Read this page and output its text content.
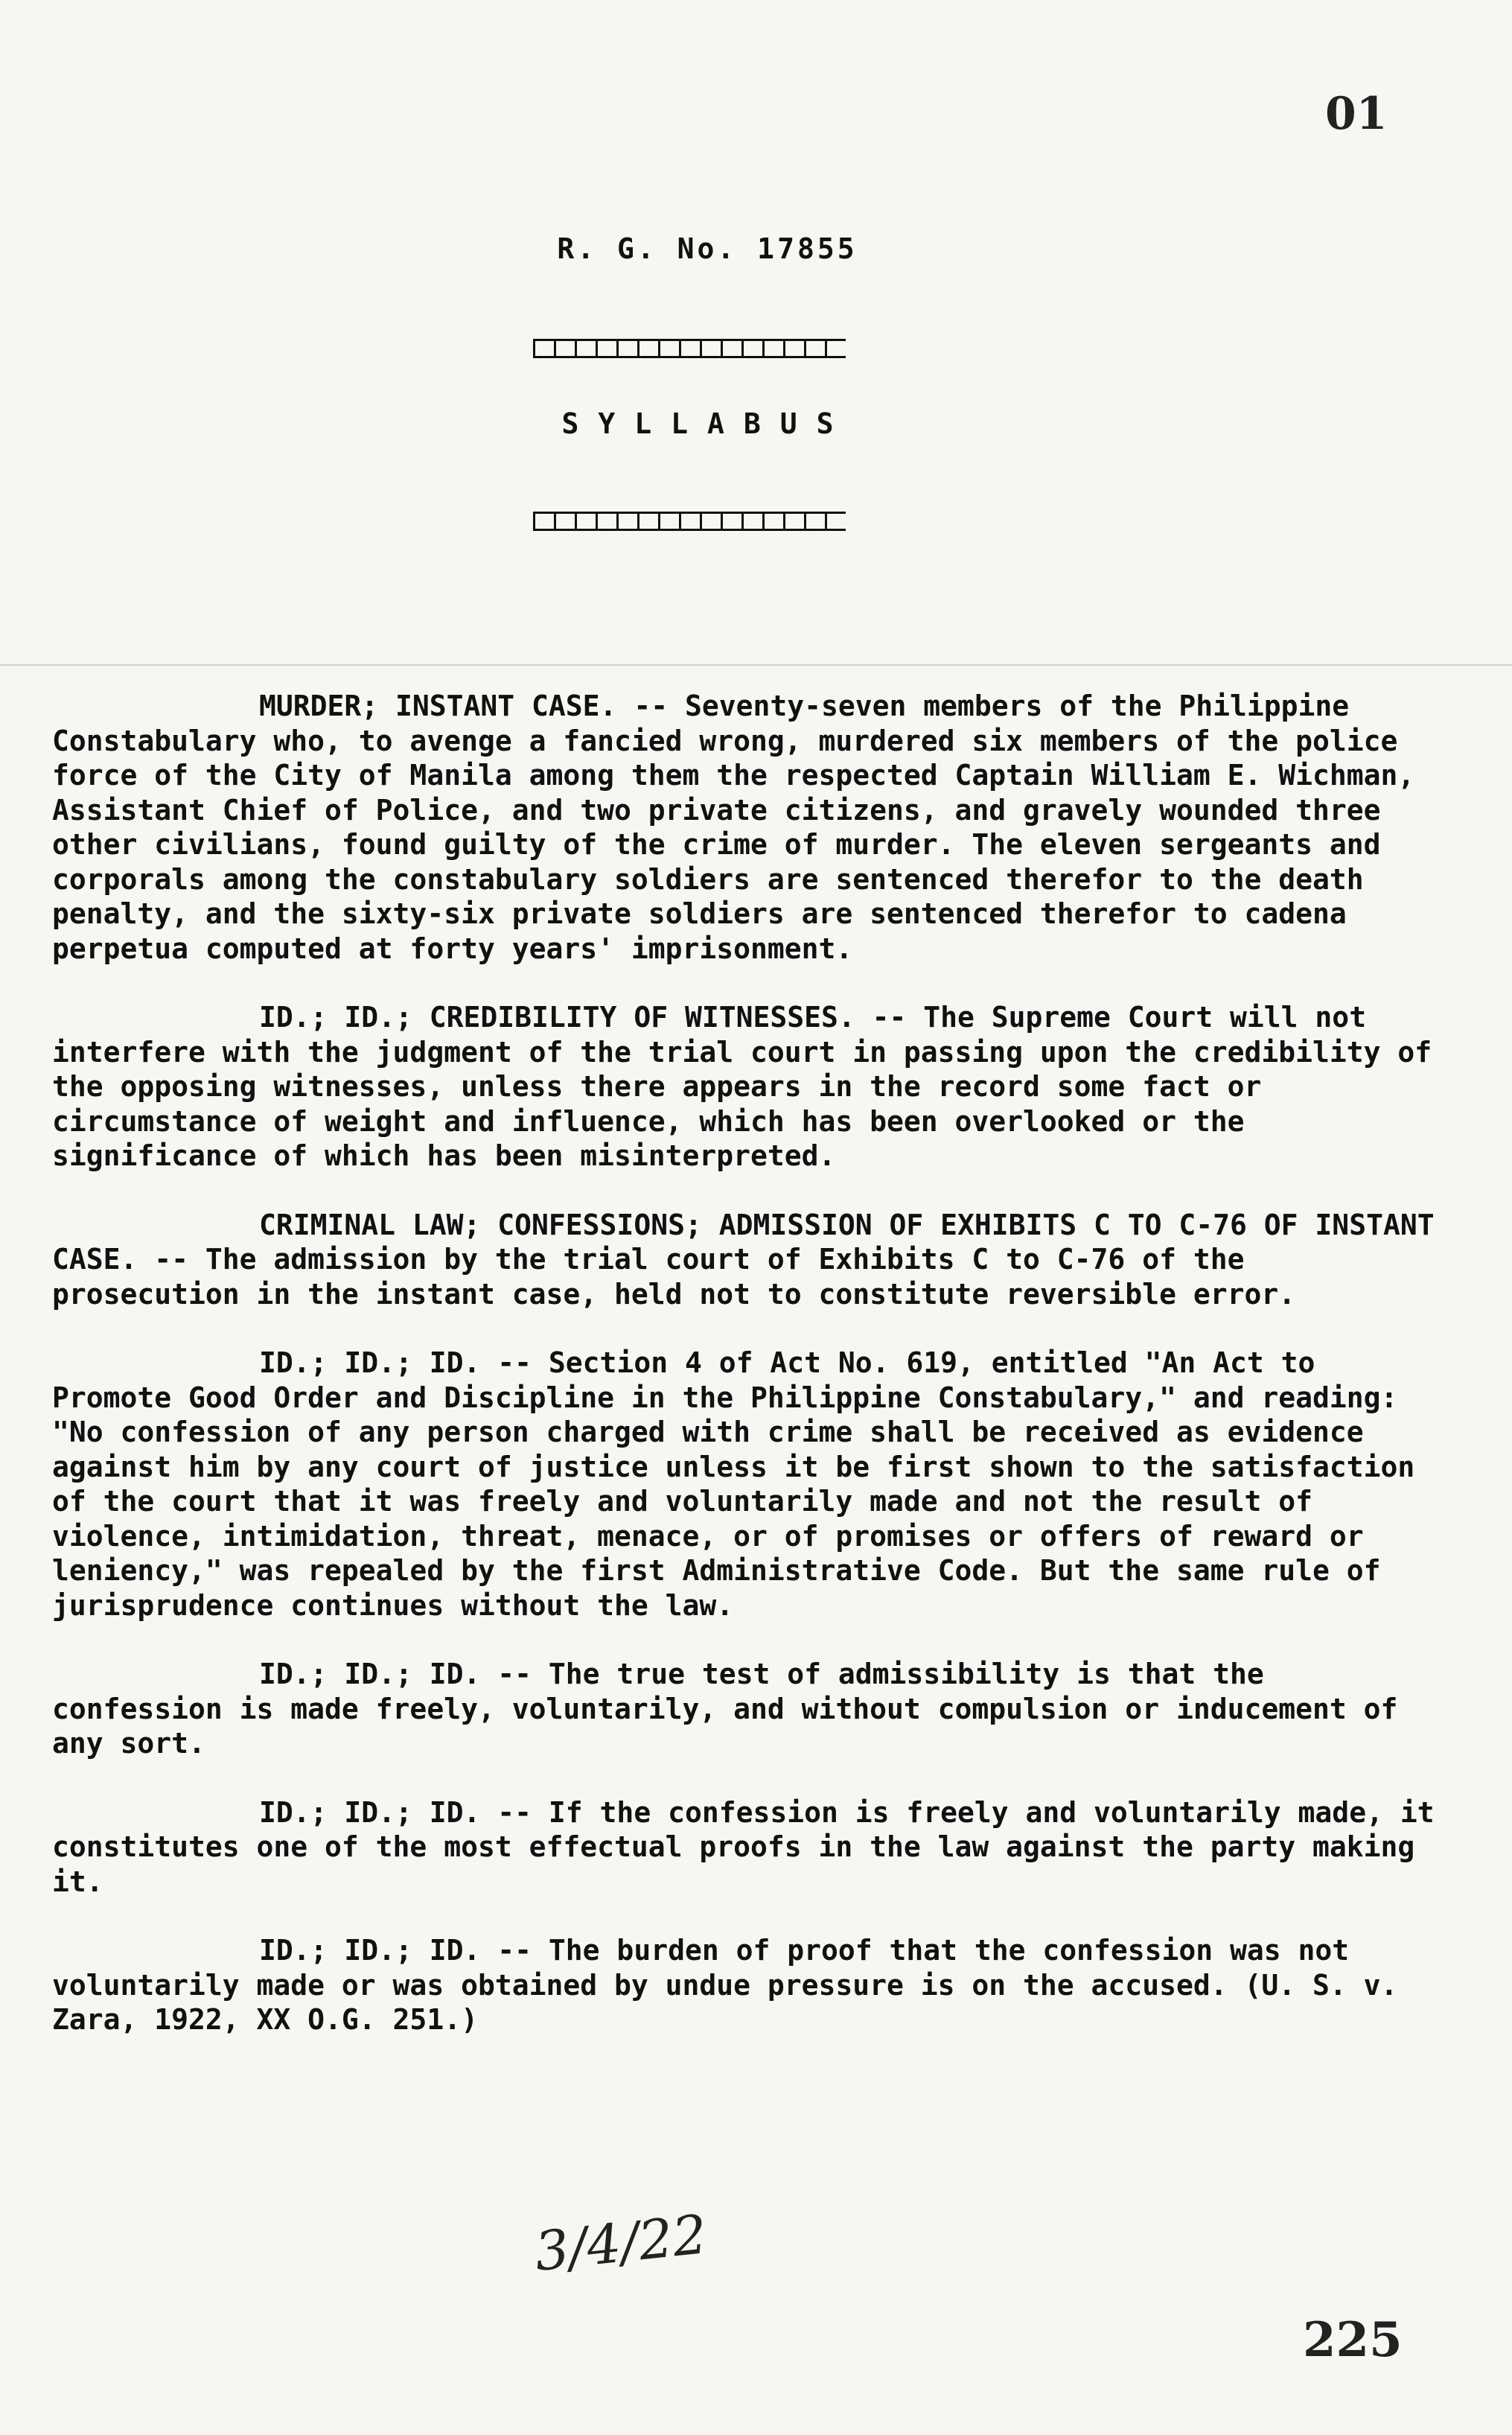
01
R. G. No. 17855
SYLLABUS

MURDER; INSTANT CASE. -- Seventy-seven members of the Philippine Constabulary who, to avenge a fancied wrong, murdered six members of the police force of the City of Manila among them the respected Captain William E. Wichman, Assistant Chief of Police, and two private citizens, and gravely wounded three other civilians, found guilty of the crime of murder. The eleven sergeants and corporals among the constabulary soldiers are sentenced therefor to the death penalty, and the sixty-six private soldiers are sentenced therefor to cadena perpetua computed at forty years' imprisonment.

ID.; ID.; CREDIBILITY OF WITNESSES. -- The Supreme Court will not interfere with the judgment of the trial court in passing upon the credibility of the opposing witnesses, unless there appears in the record some fact or circumstance of weight and influence, which has been overlooked or the significance of which has been misinterpreted.

CRIMINAL LAW; CONFESSIONS; ADMISSION OF EXHIBITS C TO C-76 OF INSTANT CASE. -- The admission by the trial court of Exhibits C to C-76 of the prosecution in the instant case, held not to constitute reversible error.

ID.; ID.; ID. -- Section 4 of Act No. 619, entitled "An Act to Promote Good Order and Discipline in the Philippine Constabulary," and reading: "No confession of any person charged with crime shall be received as evidence against him by any court of justice unless it be first shown to the satisfaction of the court that it was freely and voluntarily made and not the result of violence, intimidation, threat, menace, or of promises or offers of reward or leniency," was repealed by the first Administrative Code. But the same rule of jurisprudence continues without the law.

ID.; ID.; ID. -- The true test of admissibility is that the confession is made freely, voluntarily, and without compulsion or inducement of any sort.

ID.; ID.; ID. -- If the confession is freely and voluntarily made, it constitutes one of the most effectual proofs in the law against the party making it.

ID.; ID.; ID. -- The burden of proof that the confession was not voluntarily made or was obtained by undue pressure is on the accused. (U. S. v. Zara, 1922, XX O.G. 251.)

3/4/22
225
